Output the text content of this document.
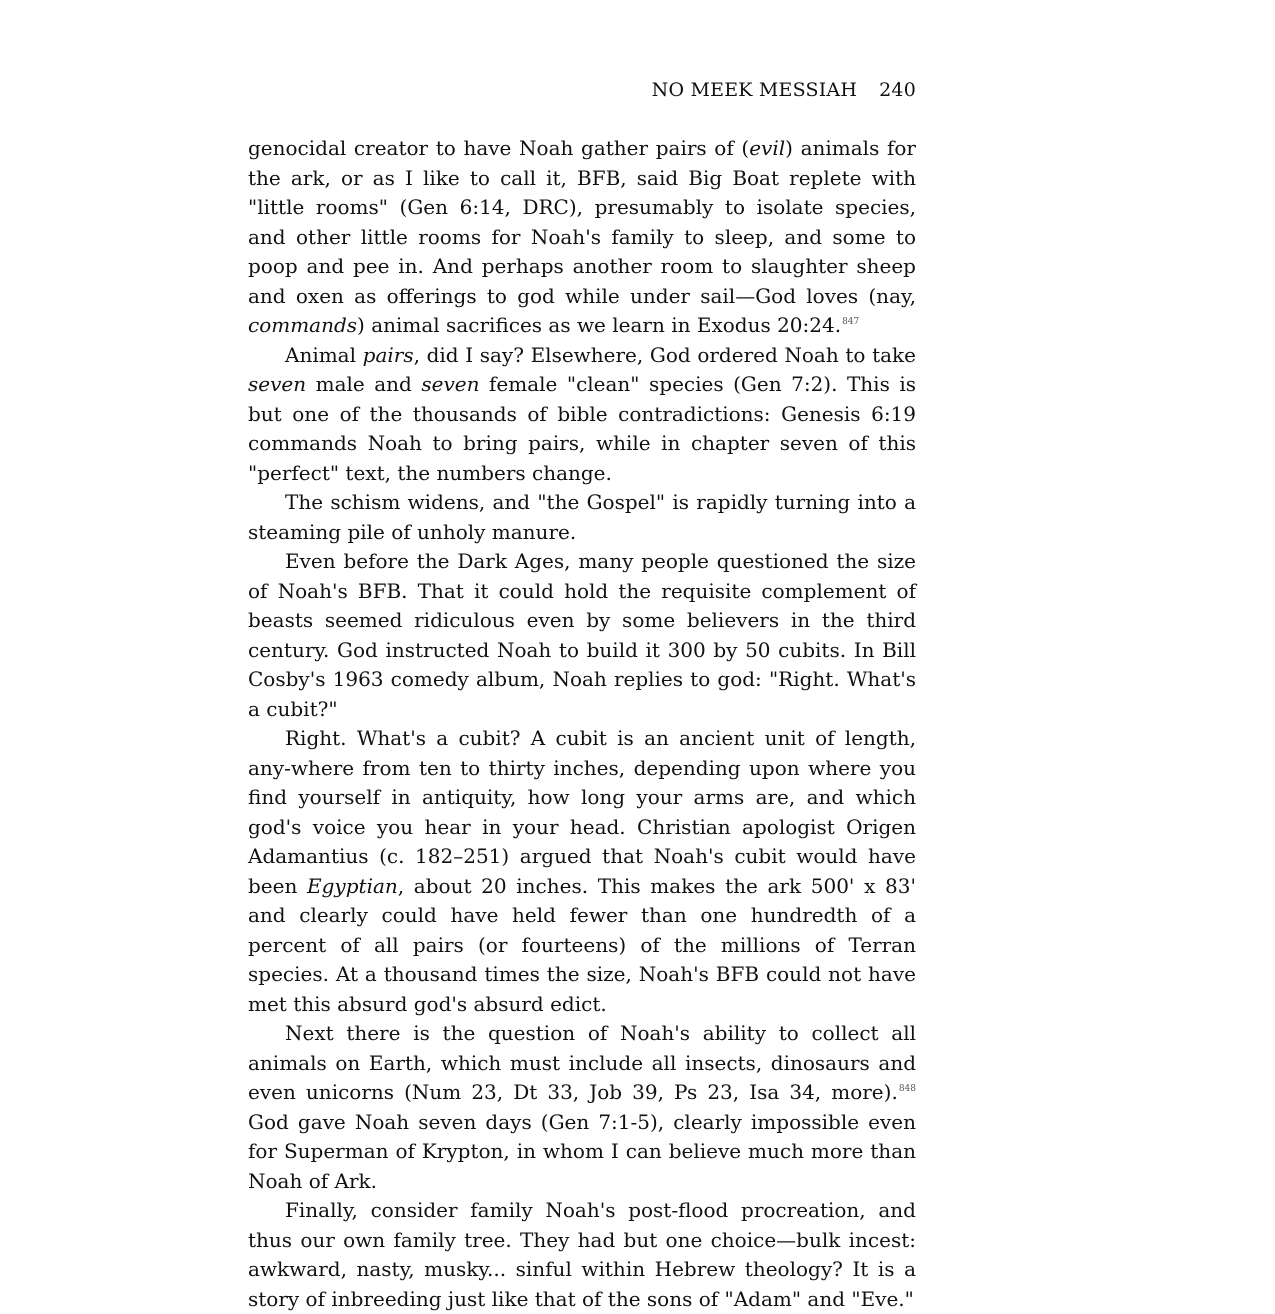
NO MEEK MESSIAH 240

genocidal creator to have Noah gather pairs of (evil) animals for the ark, or as I like to call it, BFB, said Big Boat replete with "little rooms" (Gen 6:14, DRC), presumably to isolate species, and other little rooms for Noah's family to sleep, and some to poop and pee in. And perhaps another room to slaughter sheep and oxen as offerings to god while under sail—God loves (nay, commands) animal sacrifices as we learn in Exodus 20:24.$^{847}$

Animal pairs, did I say? Elsewhere, God ordered Noah to take seven male and seven female "clean" species (Gen 7:2). This is but one of the thousands of bible contradictions: Genesis 6:19 commands Noah to bring pairs, while in chapter seven of this "perfect" text, the numbers change.

The schism widens, and "the Gospel" is rapidly turning into a steaming pile of unholy manure.

Even before the Dark Ages, many people questioned the size of Noah's BFB. That it could hold the requisite complement of beasts seemed ridiculous even by some believers in the third century. God instructed Noah to build it 300 by 50 cubits. In Bill Cosby's 1963 comedy album, Noah replies to god: "Right. What's a cubit?"

Right. What's a cubit? A cubit is an ancient unit of length, any-where from ten to thirty inches, depending upon where you find yourself in antiquity, how long your arms are, and which god's voice you hear in your head. Christian apologist Origen Adamantius (c. 182–251) argued that Noah's cubit would have been Egyptian, about 20 inches. This makes the ark 500' x 83' and clearly could have held fewer than one hundredth of a percent of all pairs (or fourteens) of the millions of Terran species. At a thousand times the size, Noah's BFB could not have met this absurd god's absurd edict.

Next there is the question of Noah's ability to collect all animals on Earth, which must include all insects, dinosaurs and even unicorns (Num 23, Dt 33, Job 39, Ps 23, Isa 34, more).$^{848}$ God gave Noah seven days (Gen 7:1-5), clearly impossible even for Superman of Krypton, in whom I can believe much more than Noah of Ark.

Finally, consider family Noah's post-flood procreation, and thus our own family tree. They had but one choice—bulk incest: awkward, nasty, musky... sinful within Hebrew theology? It is a story of inbreeding just like that of the sons of "Adam" and "Eve."
